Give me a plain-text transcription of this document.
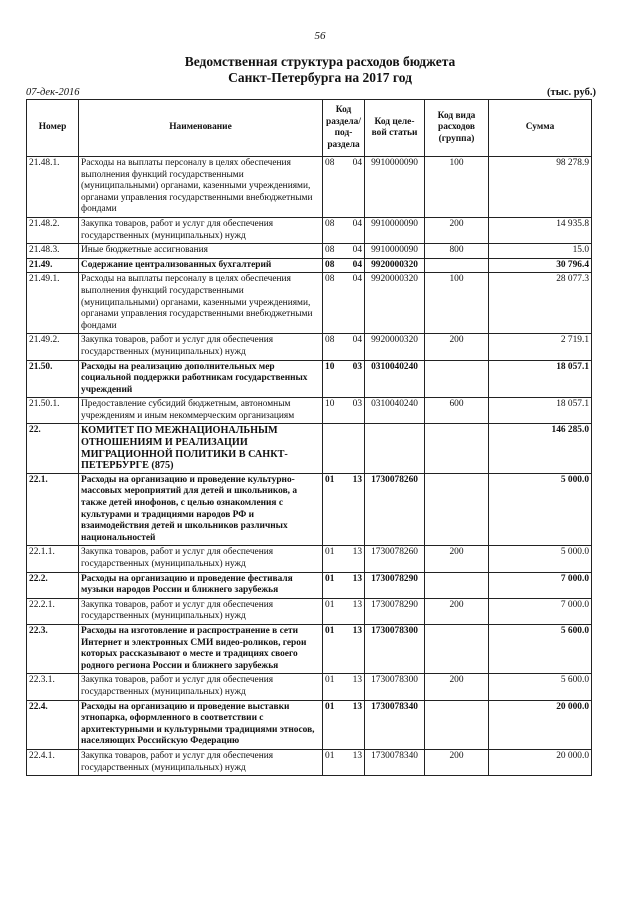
56
Ведомственная структура расходов бюджета
Санкт-Петербурга на 2017 год
07-дек-2016	(тыс. руб.)
Номер	Наименование	Код раздела/ под- раздела		Код целе- вой статьи	Код вида расходов (группа)	Сумма
21.48.1.	Расходы на выплаты персоналу в целях обеспечения выполнения функций государственными (муниципальными) органами, казенными учреждениями, органами управления государственными внебюджетными фондами	08	04	9910000090	100	98 278.9
21.48.2.	Закупка товаров, работ и услуг для обеспечения государственных (муниципальных) нужд	08	04	9910000090	200	14 935.8
21.48.3.	Иные бюджетные ассигнования	08	04	9910000090	800	15.0
21.49.	Содержание централизованных бухгалтерий	08	04	9920000320		30 796.4
21.49.1.	Расходы на выплаты персоналу в целях обеспечения выполнения функций государственными (муниципальными) органами, казенными учреждениями, органами управления государственными внебюджетными фондами	08	04	9920000320	100	28 077.3
21.49.2.	Закупка товаров, работ и услуг для обеспечения государственных (муниципальных) нужд	08	04	9920000320	200	2 719.1
21.50.	Расходы на реализацию дополнительных мер социальной поддержки работникам государственных учреждений	10	03	0310040240		18 057.1
21.50.1.	Предоставление субсидий бюджетным, автономным учреждениям и иным некоммерческим организациям	10	03	0310040240	600	18 057.1
22.	КОМИТЕТ ПО МЕЖНАЦИОНАЛЬНЫМ ОТНОШЕНИЯМ И РЕАЛИЗАЦИИ МИГРАЦИОННОЙ ПОЛИТИКИ В САНКТ-ПЕТЕРБУРГЕ (875)					146 285.0
22.1.	Расходы на организацию и проведение культурно-массовых мероприятий для детей и школьников, а также детей инофонов, с целью ознакомления с культурами и традициями народов РФ и взаимодействия детей и школьников различных национальностей	01	13	1730078260		5 000.0
22.1.1.	Закупка товаров, работ и услуг для обеспечения государственных (муниципальных) нужд	01	13	1730078260	200	5 000.0
22.2.	Расходы на организацию и проведение фестиваля музыки народов России и ближнего зарубежья	01	13	1730078290		7 000.0
22.2.1.	Закупка товаров, работ и услуг для обеспечения государственных (муниципальных) нужд	01	13	1730078290	200	7 000.0
22.3.	Расходы на изготовление и распространение в сети Интернет и электронных СМИ видео-роликов, герои которых рассказывают о месте и традициях своего родного региона России и ближнего зарубежья	01	13	1730078300		5 600.0
22.3.1.	Закупка товаров, работ и услуг для обеспечения государственных (муниципальных) нужд	01	13	1730078300	200	5 600.0
22.4.	Расходы на организацию и проведение выставки этнопарка, оформленного в соответствии с архитектурными и культурными традициями этносов, населяющих Российскую Федерацию	01	13	1730078340		20 000.0
22.4.1.	Закупка товаров, работ и услуг для обеспечения государственных (муниципальных) нужд	01	13	1730078340	200	20 000.0
